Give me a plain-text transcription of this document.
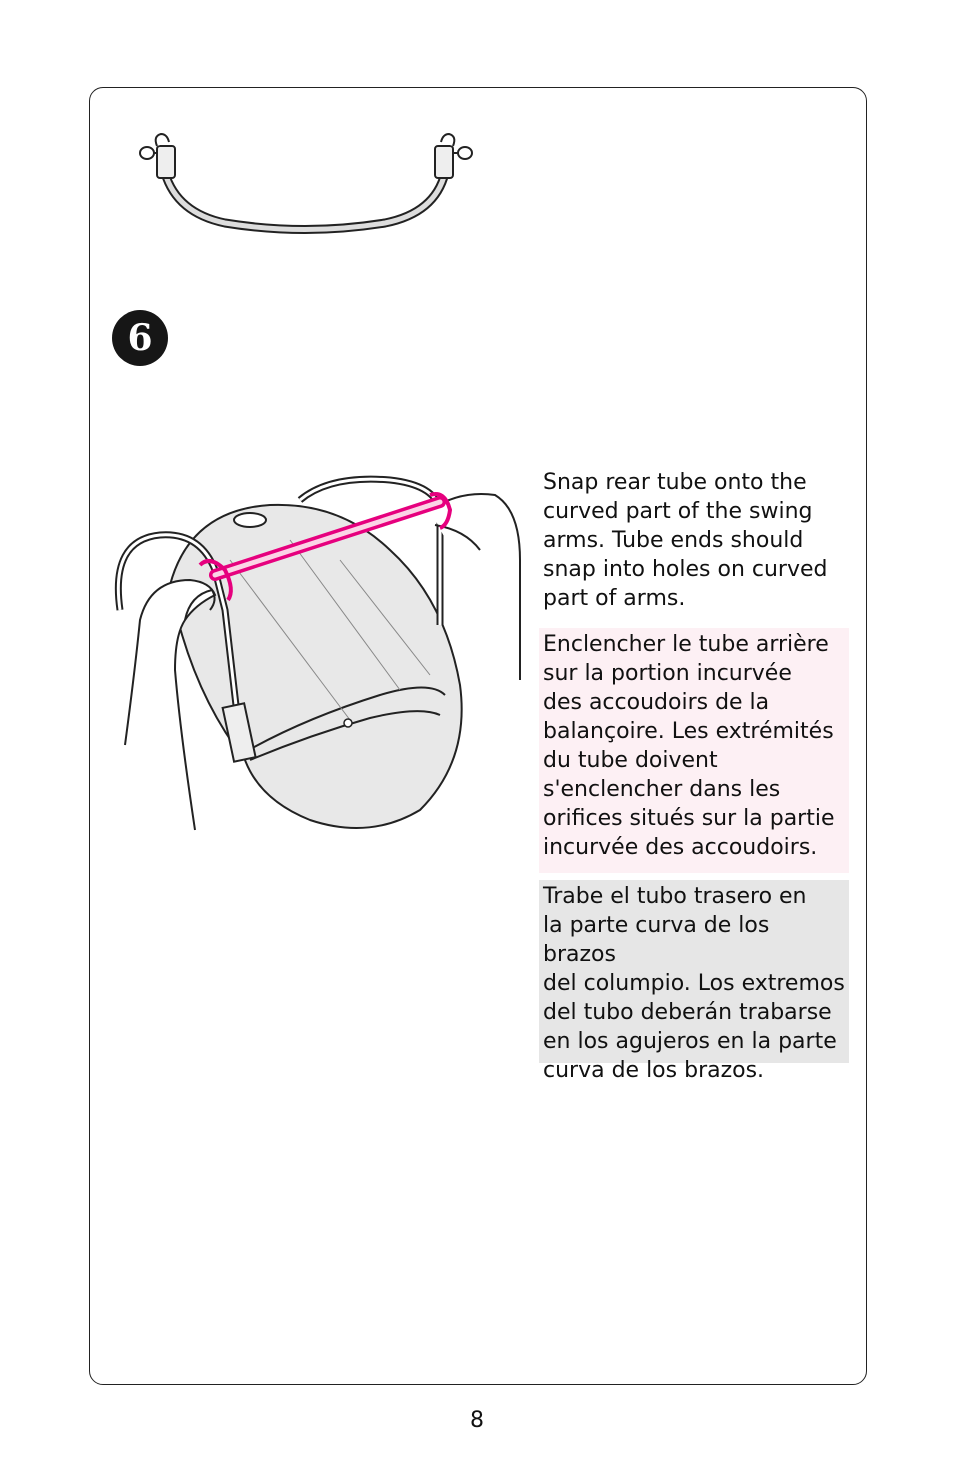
6
Snap rear tube onto the
curved part of the swing
arms. Tube ends should
snap into holes on curved
part of arms.
Enclencher le tube arrière
sur la portion incurvée
des accoudoirs de la
balançoire. Les extrémités
du tube doivent
s'enclencher dans les
orifices situés sur la partie
incurvée des accoudoirs.
Trabe el tubo trasero en
la parte curva de los brazos
del columpio. Los extremos
del tubo deberán trabarse
en los agujeros en la parte
curva de los brazos.
8
